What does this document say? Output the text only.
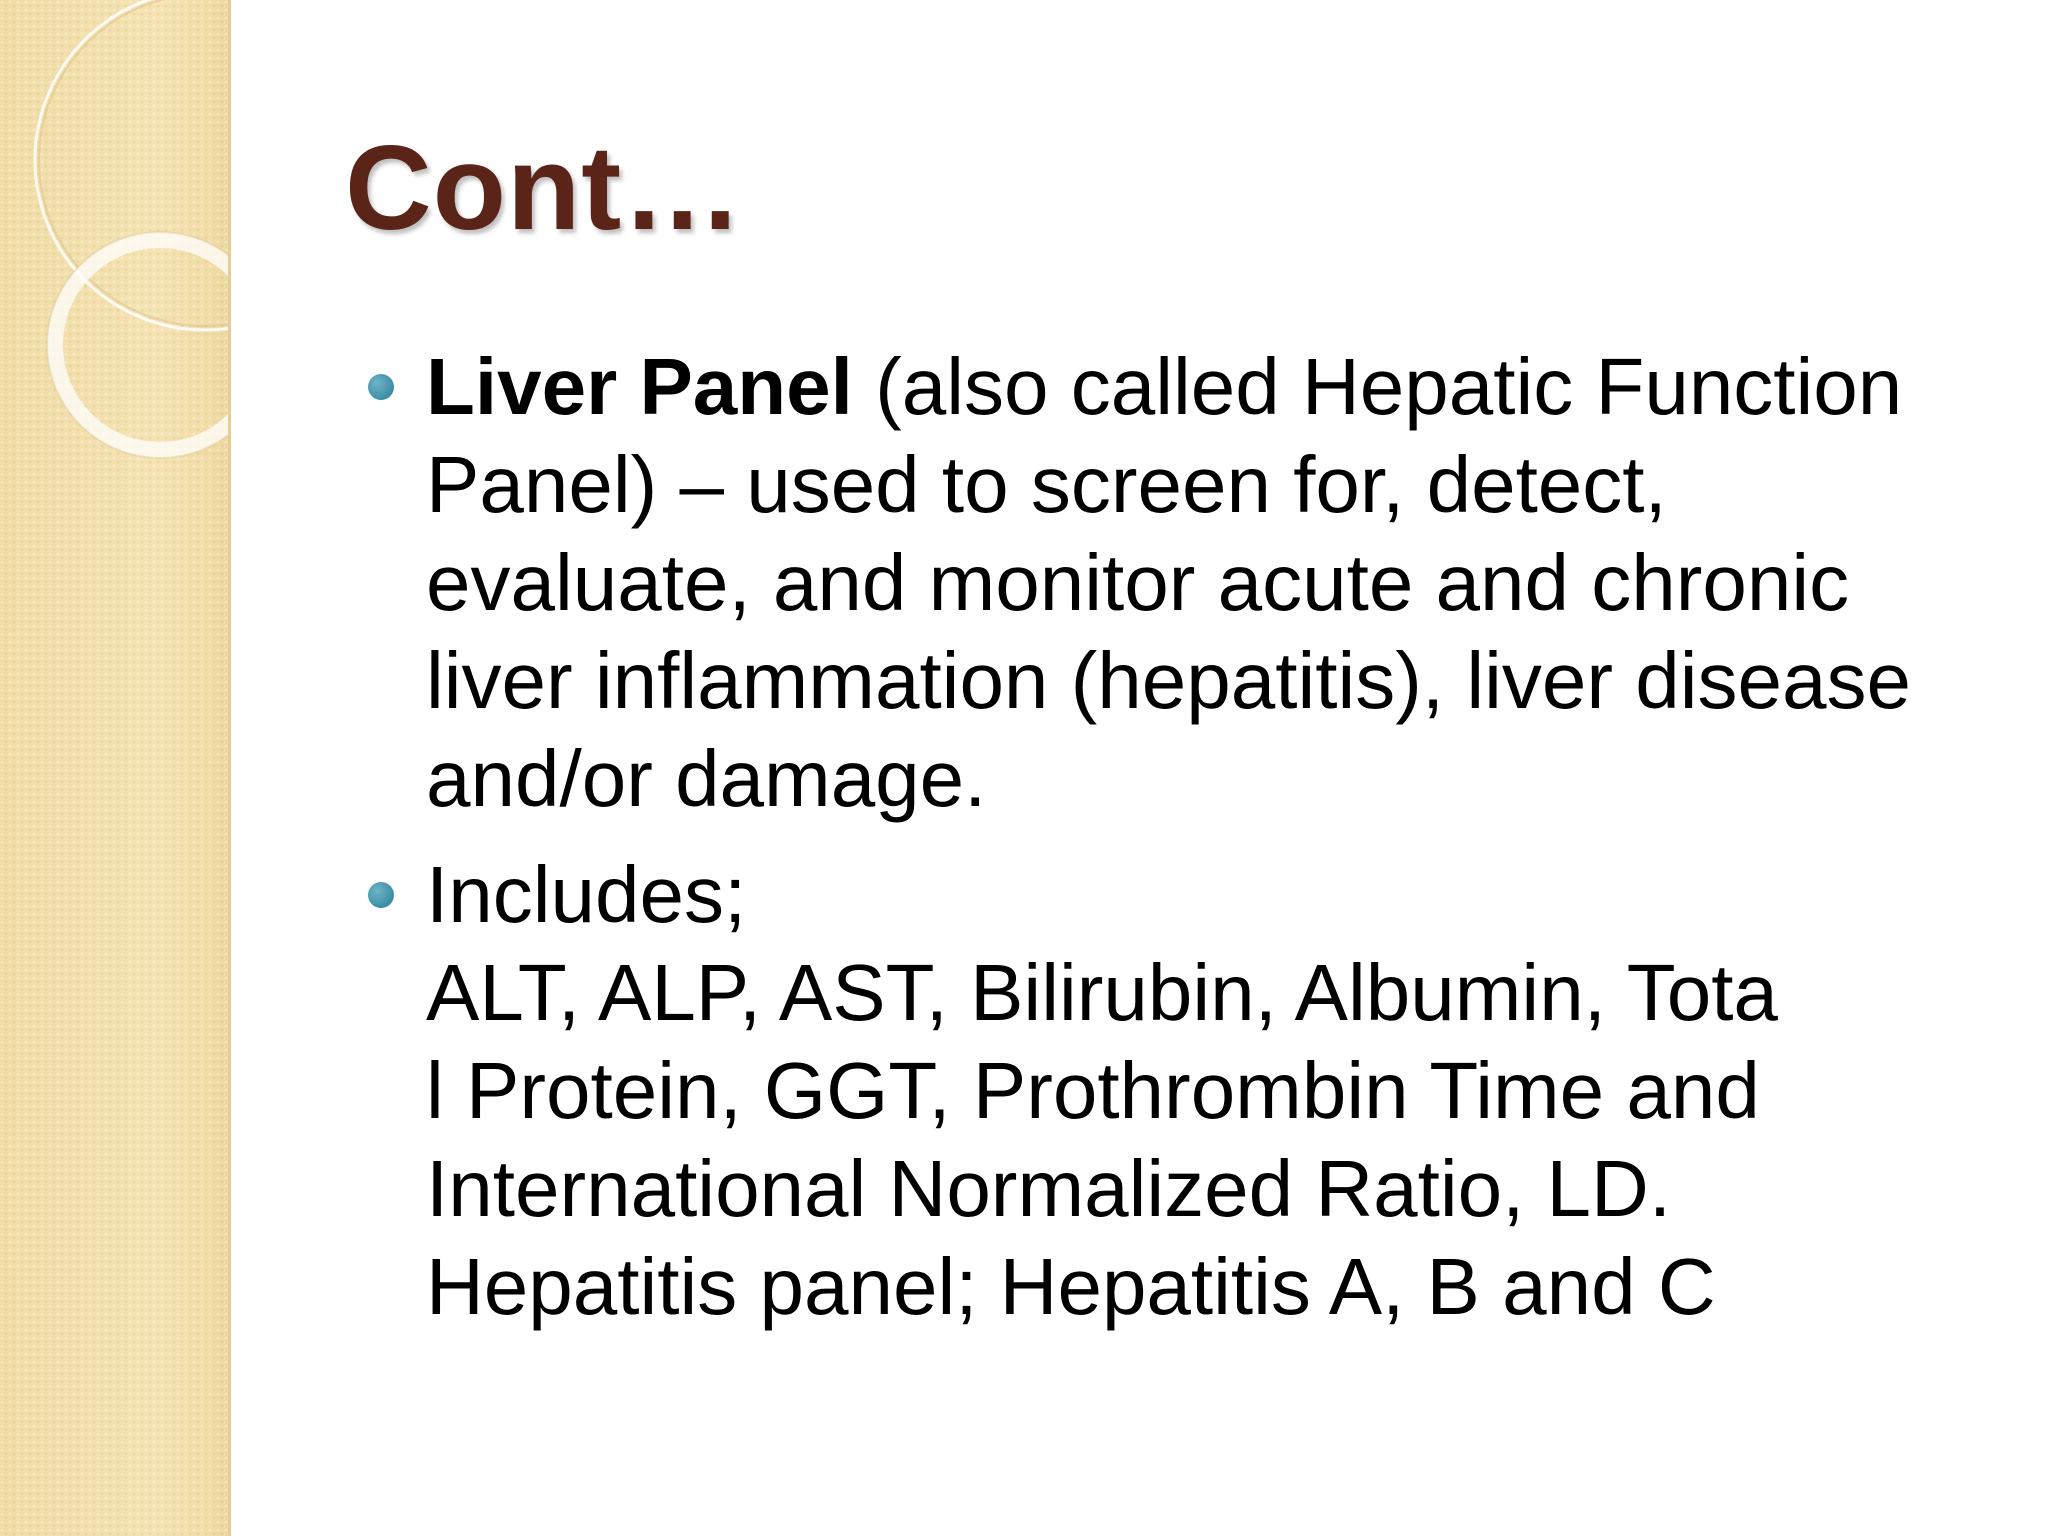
Cont…
Liver Panel (also called Hepatic Function Panel) – used to screen for, detect, evaluate, and monitor acute and chronic liver inflammation (hepatitis), liver disease and/or damage.
Includes;
ALT, ALP, AST, Bilirubin, Albumin, Tota
l Protein, GGT, Prothrombin Time and
International Normalized Ratio, LD.
Hepatitis panel; Hepatitis A, B and C
